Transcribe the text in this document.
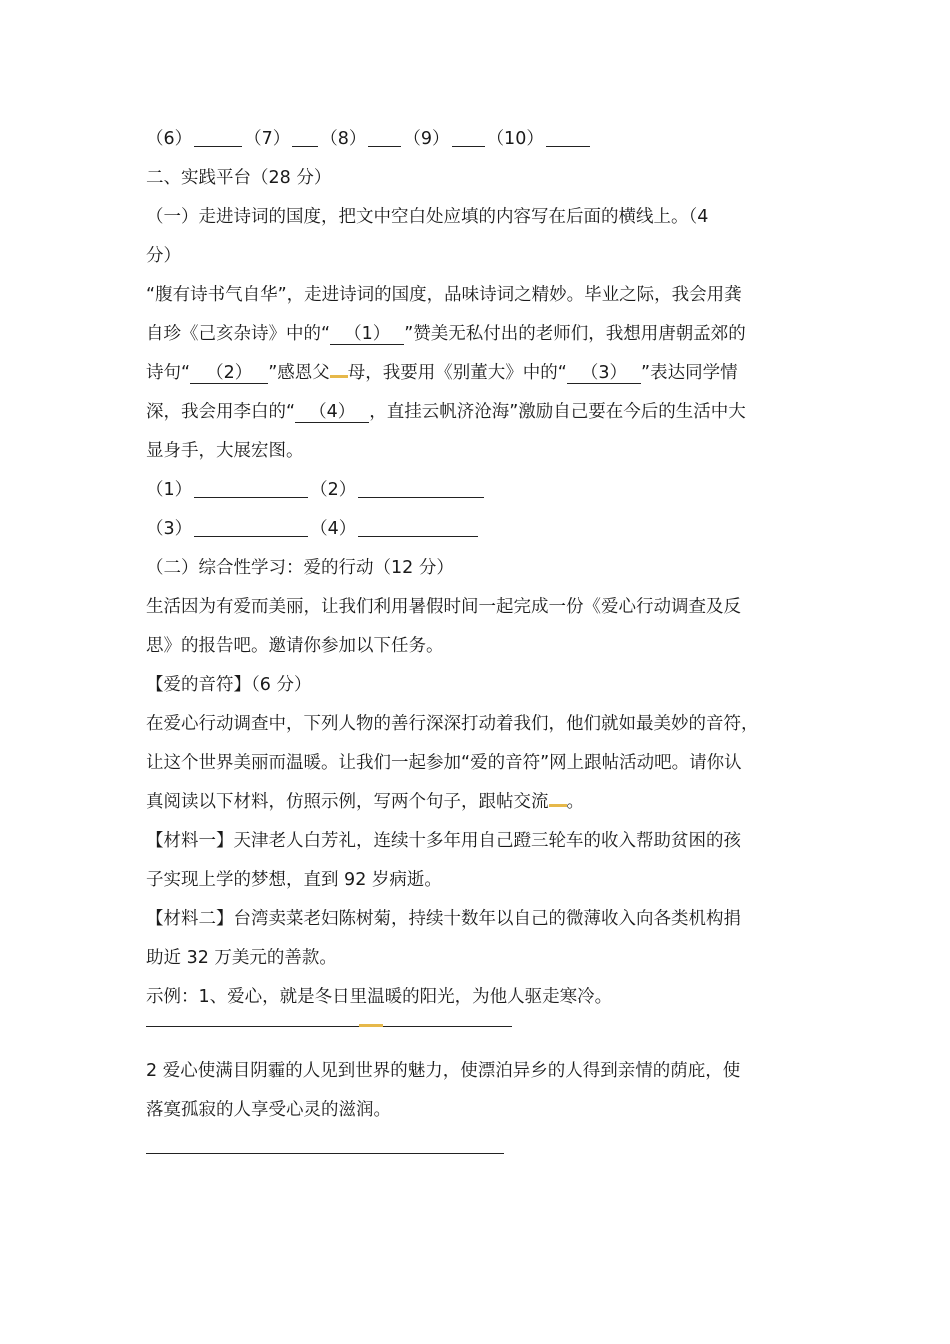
（6）	（7） （8） （9） （10）
二、实践平台（28 分）
（一）走进诗词的国度，把文中空白处应填的内容写在后面的横线上。（4
分）
“腹有诗书气自华”，走进诗词的国度，品味诗词之精妙。毕业之际，我会用龚
自珍《己亥杂诗》中的“ （1） ”赞美无私付出的老师们，我想用唐朝孟郊的
诗句“ （2） ”感恩父 母，我要用《别董大》中的“ （3） ”表达同学情
深，我会用李白的“ （4） ，直挂云帆济沧海”激励自己要在今后的生活中大
显身手，大展宏图。
（1）	（2）
（3）	（4）
（二）综合性学习：爱的行动（12 分）
生活因为有爱而美丽，让我们利用暑假时间一起完成一份《爱心行动调查及反
思》的报告吧。邀请你参加以下任务。
【爱的音符】（6 分）
在爱心行动调查中，下列人物的善行深深打动着我们，他们就如最美妙的音符，
让这个世界美丽而温暖。让我们一起参加“爱的音符”网上跟帖活动吧。请你认
真阅读以下材料，仿照示例，写两个句子，跟帖交流 。
【材料一】天津老人白芳礼，连续十多年用自己蹬三轮车的收入帮助贫困的孩
子实现上学的梦想，直到 92 岁病逝。
【材料二】台湾卖菜老妇陈树菊，持续十数年以自己的微薄收入向各类机构捐
助近 32 万美元的善款。
示例：1、爱心，就是冬日里温暖的阳光，为他人驱走寒冷。
2 爱心使满目阴霾的人见到世界的魅力，使漂泊异乡的人得到亲情的荫庇，使
落寞孤寂的人享受心灵的滋润。
